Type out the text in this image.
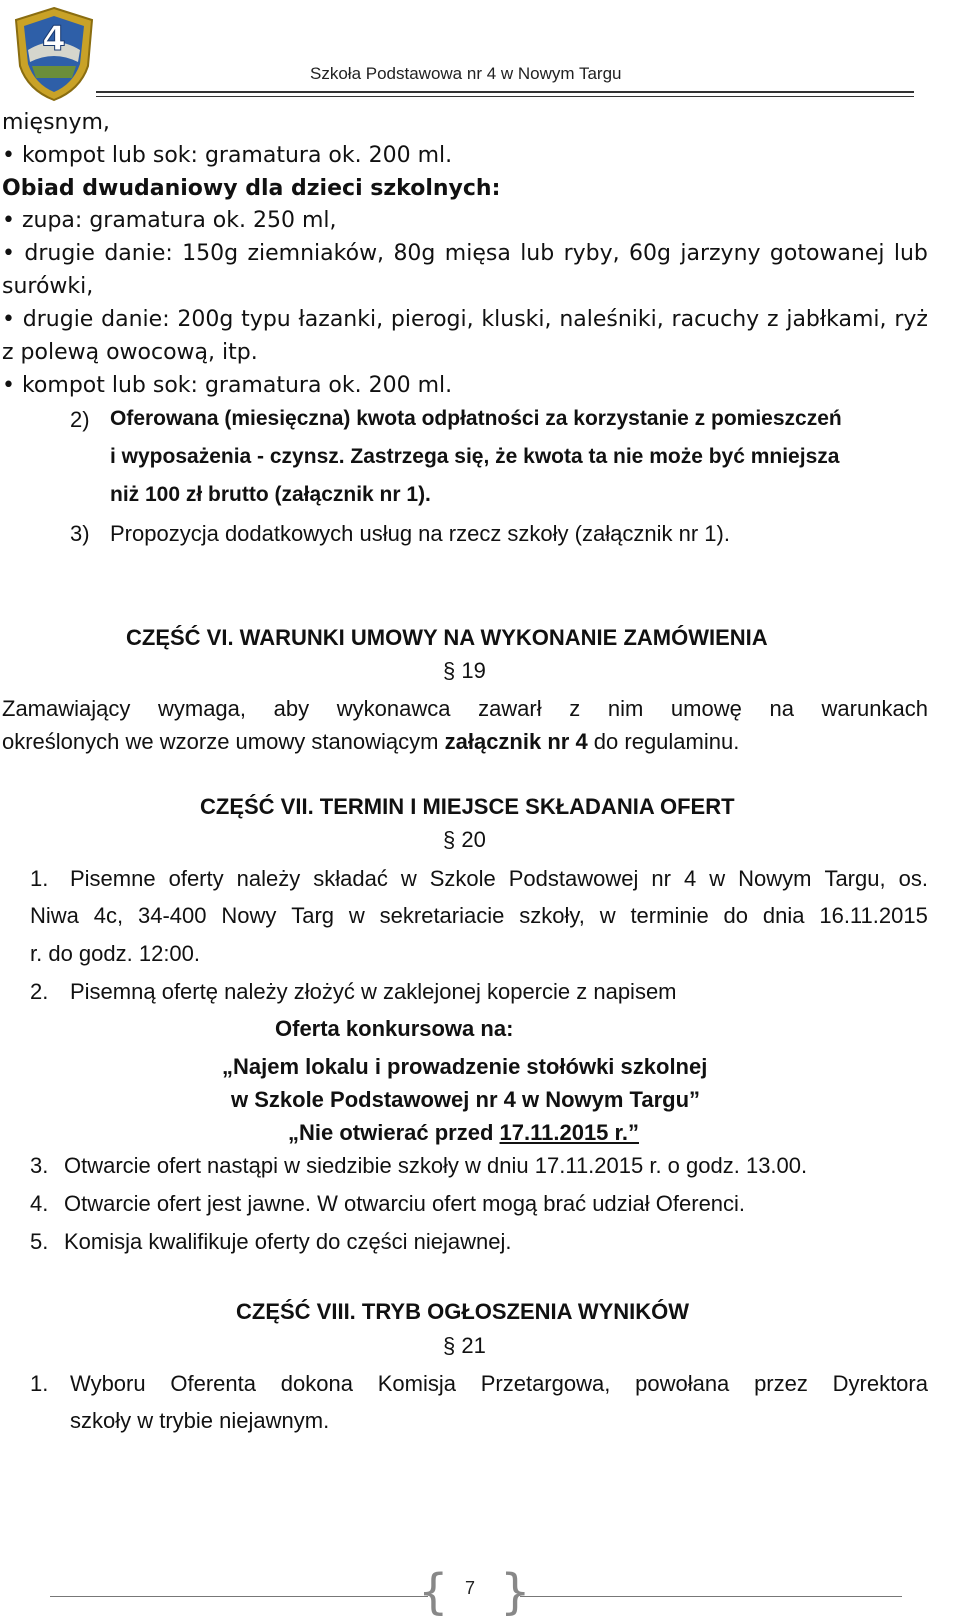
4
Szkoła Podstawowa nr 4 w Nowym Targu
mięsnym,
• kompot lub sok: gramatura ok. 200 ml.
Obiad dwudaniowy dla dzieci szkolnych:
• zupa: gramatura ok. 250 ml,
• drugie danie: 150g ziemniaków, 80g mięsa lub ryby, 60g jarzyny gotowanej lub
surówki,
• drugie danie: 200g typu łazanki, pierogi, kluski, naleśniki, racuchy z jabłkami, ryż
z polewą owocową, itp.
• kompot lub sok: gramatura ok. 200 ml.
2) Oferowana (miesięczna) kwota odpłatności za korzystanie z pomieszczeń
i wyposażenia - czynsz. Zastrzega się, że kwota ta nie może być mniejsza
niż 100 zł brutto (załącznik nr 1).
3) Propozycja dodatkowych usług na rzecz szkoły (załącznik nr 1).
CZĘŚĆ VI. WARUNKI UMOWY NA WYKONANIE ZAMÓWIENIA
§ 19
Zamawiający wymaga, aby wykonawca zawarł z nim umowę na warunkach
określonych we wzorze umowy stanowiącym załącznik nr 4 do regulaminu.
CZĘŚĆ VII. TERMIN I MIEJSCE SKŁADANIA OFERT
§ 20
1. Pisemne oferty należy składać w Szkole Podstawowej nr 4 w Nowym Targu, os.
Niwa 4c, 34-400 Nowy Targ w sekretariacie szkoły, w terminie do dnia 16.11.2015
r. do godz. 12:00.
2. Pisemną ofertę należy złożyć w zaklejonej kopercie z napisem
Oferta konkursowa na:
„Najem lokalu i prowadzenie stołówki szkolnej
w Szkole Podstawowej nr 4 w Nowym Targu”
„Nie otwierać przed 17.11.2015 r.”
3. Otwarcie ofert nastąpi w siedzibie szkoły w dniu 17.11.2015 r. o godz. 13.00.
4. Otwarcie ofert jest jawne. W otwarciu ofert mogą brać udział Oferenci.
5. Komisja kwalifikuje oferty do części niejawnej.
CZĘŚĆ VIII. TRYB OGŁOSZENIA WYNIKÓW
§ 21
1. Wyboru Oferenta dokona Komisja Przetargowa, powołana przez Dyrektora
szkoły w trybie niejawnym.
{ }
7
